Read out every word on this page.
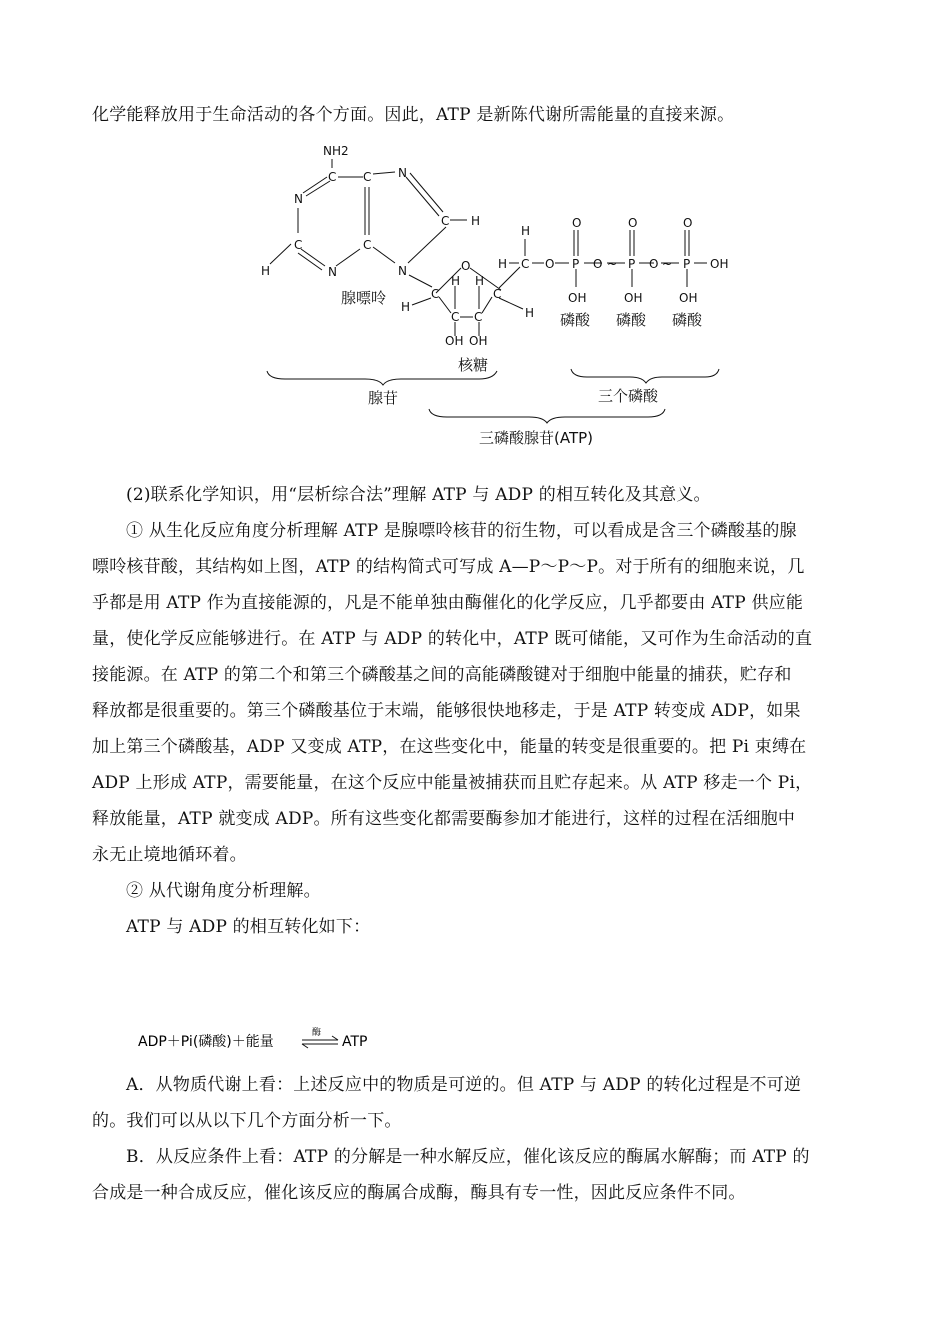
化学能释放用于生命活动的各个方面。因此，ATP 是新陈代谢所需能量的直接来源。
~	~
NH2
C
N
C
N
C
C N
C H
N
H	O
C	C
C C
H H
H	H
OH OH
H
H C O
O
P O
O
P O
O
P OH
OH	OH	OH
腺嘌呤
磷酸 磷酸 磷酸
核糖
腺苷	三个磷酸
三磷酸腺苷(ATP)
(2)联系化学知识，用“层析综合法”理解 ATP 与 ADP 的相互转化及其意义。
① 从生化反应角度分析理解 ATP 是腺嘌呤核苷的衍生物，可以看成是含三个磷酸基的腺
嘌呤核苷酸，其结构如上图，ATP 的结构简式可写成 A—P～P～P。对于所有的细胞来说，几
乎都是用 ATP 作为直接能源的，凡是不能单独由酶催化的化学反应，几乎都要由 ATP 供应能
量，使化学反应能够进行。在 ATP 与 ADP 的转化中，ATP 既可储能，又可作为生命活动的直
接能源。在 ATP 的第二个和第三个磷酸基之间的高能磷酸键对于细胞中能量的捕获，贮存和
释放都是很重要的。第三个磷酸基位于末端，能够很快地移走，于是 ATP 转变成 ADP，如果
加上第三个磷酸基，ADP 又变成 ATP，在这些变化中，能量的转变是很重要的。把 Pi 束缚在
ADP 上形成 ATP，需要能量，在这个反应中能量被捕获而且贮存起来。从 ATP 移走一个 Pi，
释放能量，ATP 就变成 ADP。所有这些变化都需要酶参加才能进行，这样的过程在活细胞中
永无止境地循环着。
② 从代谢角度分析理解。
ATP 与 ADP 的相互转化如下：
ADP＋Pi(磷酸)＋能量
酶
ATP
A．从物质代谢上看：上述反应中的物质是可逆的。但 ATP 与 ADP 的转化过程是不可逆
的。我们可以从以下几个方面分析一下。
B．从反应条件上看：ATP 的分解是一种水解反应，催化该反应的酶属水解酶；而 ATP 的
合成是一种合成反应，催化该反应的酶属合成酶，酶具有专一性，因此反应条件不同。
